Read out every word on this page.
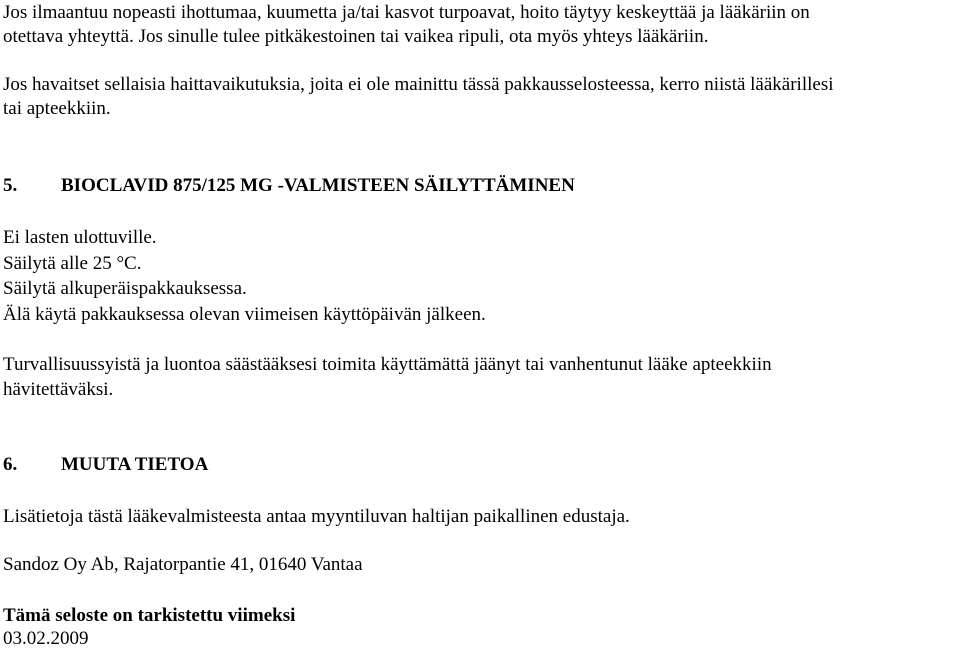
Jos ilmaantuu nopeasti ihottumaa, kuumetta ja/tai kasvot turpoavat, hoito täytyy keskeyttää ja lääkäriin on
otettava yhteyttä. Jos sinulle tulee pitkäkestoinen tai vaikea ripuli, ota myös yhteys lääkäriin.
Jos havaitset sellaisia haittavaikutuksia, joita ei ole mainittu tässä pakkausselosteessa, kerro niistä lääkärillesi
tai apteekkiin.
5. BIOCLAVID 875/125 MG -VALMISTEEN SÄILYTTÄMINEN
Ei lasten ulottuville.
Säilytä alle 25 °C.
Säilytä alkuperäispakkauksessa.
Älä käytä pakkauksessa olevan viimeisen käyttöpäivän jälkeen.
Turvallisuussyistä ja luontoa säästääksesi toimita käyttämättä jäänyt tai vanhentunut lääke apteekkiin
hävitettäväksi.
6. MUUTA TIETOA
Lisätietoja tästä lääkevalmisteesta antaa myyntiluvan haltijan paikallinen edustaja.
Sandoz Oy Ab, Rajatorpantie 41, 01640 Vantaa
Tämä seloste on tarkistettu viimeksi
03.02.2009
